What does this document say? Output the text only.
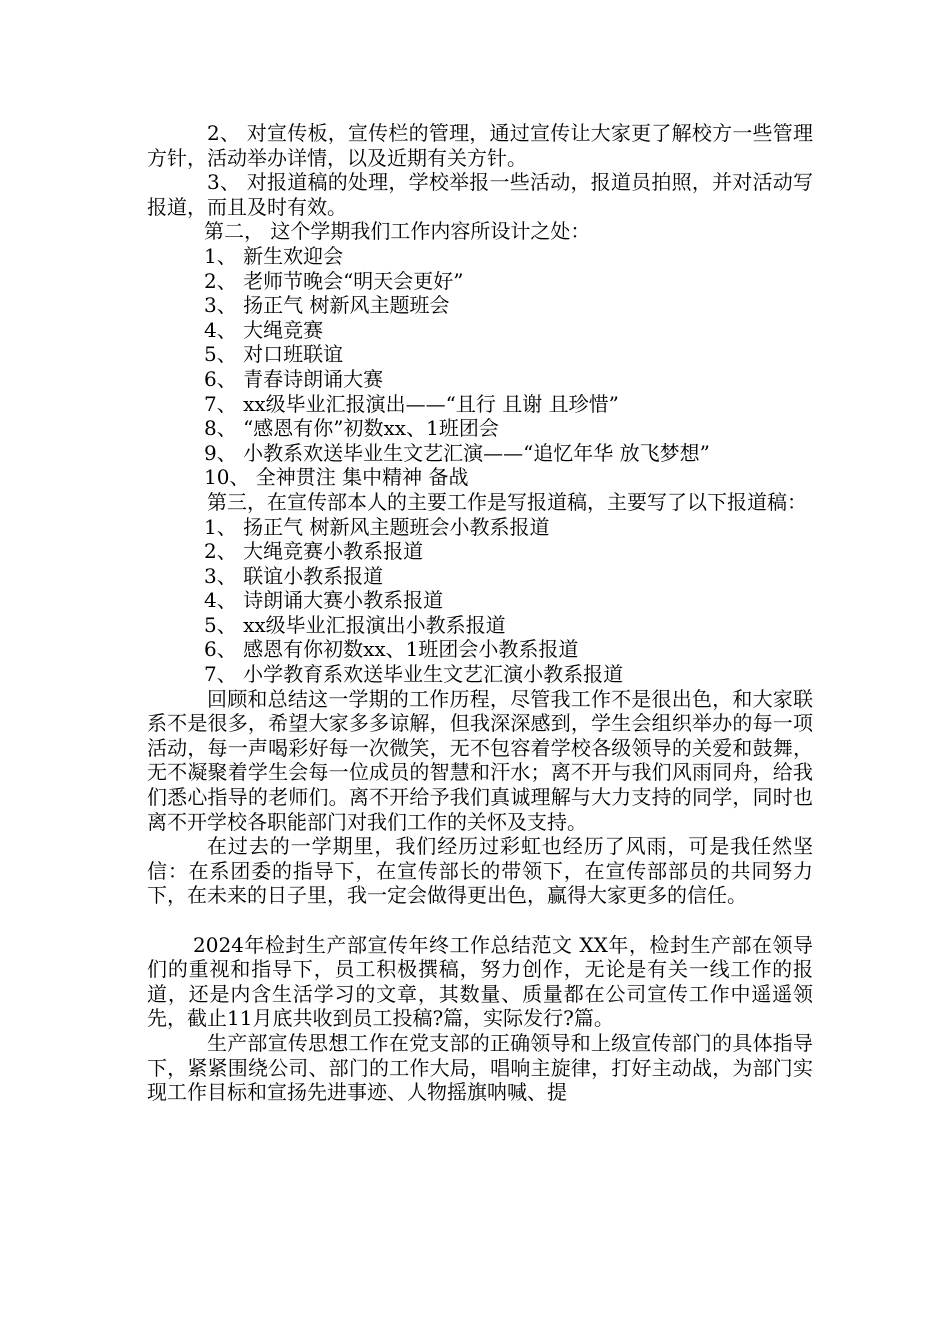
2、 对宣传板，宣传栏的管理，通过宣传让大家更了解校方一些管理方针，活动举办详情，以及近期有关方针。

3、 对报道稿的处理，学校举报一些活动，报道员拍照，并对活动写报道，而且及时有效。

第二， 这个学期我们工作内容所设计之处：

1、 新生欢迎会

2、 老师节晚会“明天会更好”

3、 扬正气 树新风主题班会

4、 大绳竞赛

5、 对口班联谊

6、 青春诗朗诵大赛

7、 xx级毕业汇报演出——“且行 且谢 且珍惜”

8、 “感恩有你”初数xx、1班团会

9、 小教系欢送毕业生文艺汇演——“追忆年华 放飞梦想”

10、 全神贯注 集中精神 备战

第三，在宣传部本人的主要工作是写报道稿，主要写了以下报道稿：

1、 扬正气 树新风主题班会小教系报道

2、 大绳竞赛小教系报道

3、 联谊小教系报道

4、 诗朗诵大赛小教系报道

5、 xx级毕业汇报演出小教系报道

6、 感恩有你初数xx、1班团会小教系报道

7、 小学教育系欢送毕业生文艺汇演小教系报道

回顾和总结这一学期的工作历程，尽管我工作不是很出色，和大家联系不是很多，希望大家多多谅解，但我深深感到，学生会组织举办的每一项活动，每一声喝彩好每一次微笑，无不包容着学校各级领导的关爱和鼓舞，无不凝聚着学生会每一位成员的智慧和汗水；离不开与我们风雨同舟，给我们悉心指导的老师们。离不开给予我们真诚理解与大力支持的同学，同时也离不开学校各职能部门对我们工作的关怀及支持。

在过去的一学期里，我们经历过彩虹也经历了风雨，可是我任然坚信：在系团委的指导下，在宣传部长的带领下，在宣传部部员的共同努力下，在未来的日子里，我一定会做得更出色，赢得大家更多的信任。

2024年检封生产部宣传年终工作总结范文 XX年，检封生产部在领导们的重视和指导下，员工积极撰稿，努力创作，无论是有关一线工作的报道，还是内含生活学习的文章，其数量、质量都在公司宣传工作中遥遥领先，截止11月底共收到员工投稿?篇，实际发行?篇。

生产部宣传思想工作在党支部的正确领导和上级宣传部门的具体指导下，紧紧围绕公司、部门的工作大局，唱响主旋律，打好主动战，为部门实现工作目标和宣扬先进事迹、人物摇旗呐喊、提
